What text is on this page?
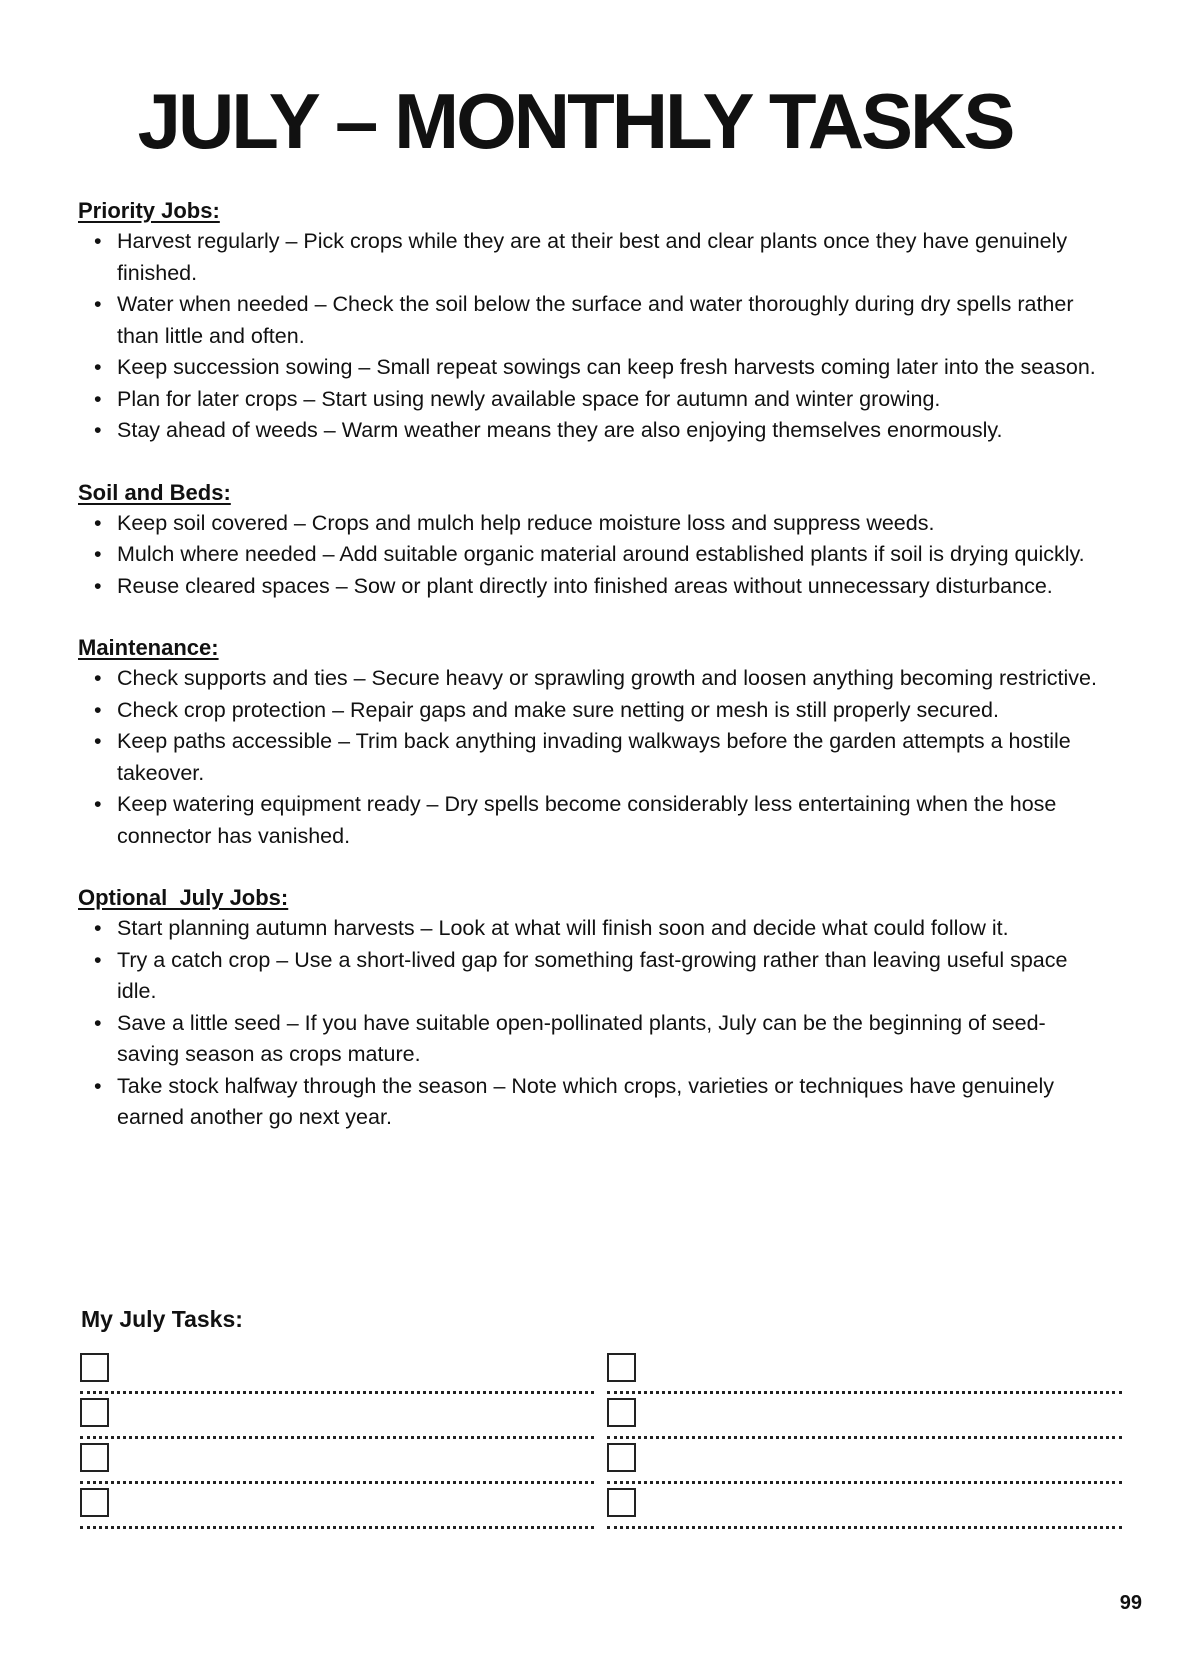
JULY – MONTHLY TASKS

Priority Jobs:

• Harvest regularly – Pick crops while they are at their best and clear plants once they have genuinely finished.
• Water when needed – Check the soil below the surface and water thoroughly during dry spells rather than little and often.
• Keep succession sowing – Small repeat sowings can keep fresh harvests coming later into the season.
• Plan for later crops – Start using newly available space for autumn and winter growing.
• Stay ahead of weeds – Warm weather means they are also enjoying themselves enormously.

Soil and Beds:

• Keep soil covered – Crops and mulch help reduce moisture loss and suppress weeds.
• Mulch where needed – Add suitable organic material around established plants if soil is drying quickly.
• Reuse cleared spaces – Sow or plant directly into finished areas without unnecessary disturbance.

Maintenance:

• Check supports and ties – Secure heavy or sprawling growth and loosen anything becoming restrictive.
• Check crop protection – Repair gaps and make sure netting or mesh is still properly secured.
• Keep paths accessible – Trim back anything invading walkways before the garden attempts a hostile takeover.
• Keep watering equipment ready – Dry spells become considerably less entertaining when the hose connector has vanished.

Optional  July Jobs:

• Start planning autumn harvests – Look at what will finish soon and decide what could follow it.
• Try a catch crop – Use a short-lived gap for something fast-growing rather than leaving useful space idle.
• Save a little seed – If you have suitable open-pollinated plants, July can be the beginning of seed-saving season as crops mature.
• Take stock halfway through the season – Note which crops, varieties or techniques have genuinely earned another go next year.

My July Tasks:

99
